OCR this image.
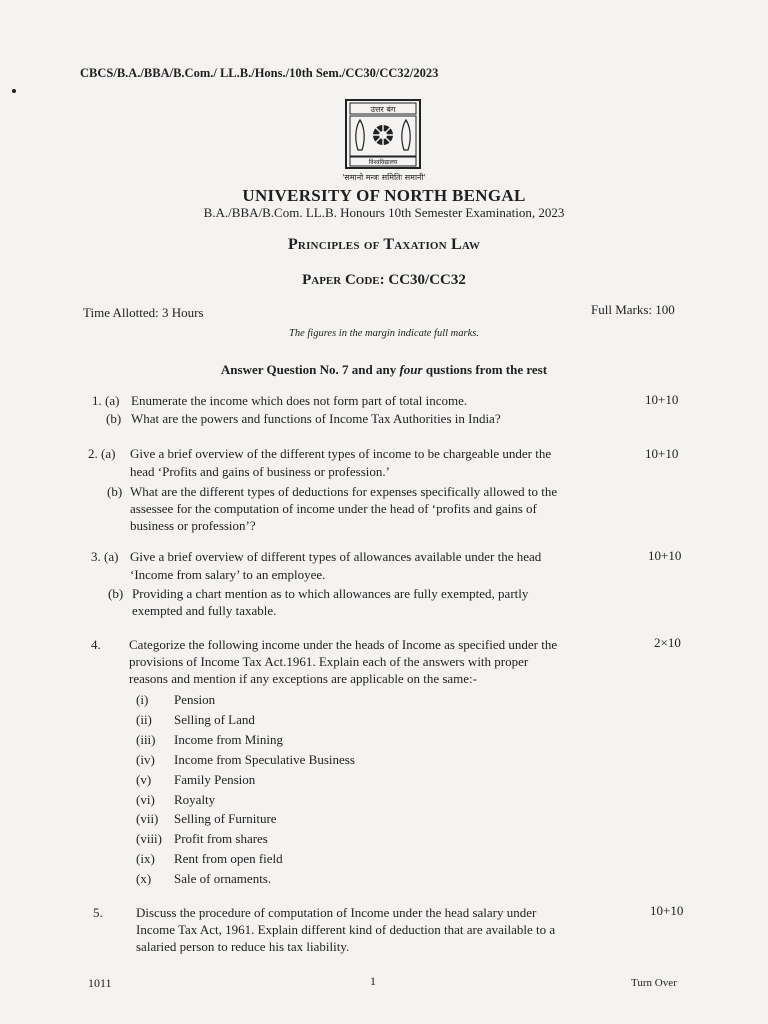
CBCS/B.A./BBA/B.Com./ LL.B./Hons./10th Sem./CC30/CC32/2023
उत्तर बंग
विश्वविद्यालय
'समानो मन्त्रः समितिः समानी'
UNIVERSITY OF NORTH BENGAL
B.A./BBA/B.Com. LL.B. Honours 10th Semester Examination, 2023
Principles of Taxation Law
Paper Code: CC30/CC32
Time Allotted: 3 Hours	Full Marks: 100
The figures in the margin indicate full marks.
Answer Question No. 7 and any four qustions from the rest
1. (a) Enumerate the income which does not form part of total income.
(b) What are the powers and functions of Income Tax Authorities in India?
10+10
2. (a) Give a brief overview of the different types of income to be chargeable under the
head ‘Profits and gains of business or profession.’
(b) What are the different types of deductions for expenses specifically allowed to the
assessee for the computation of income under the head of ‘profits and gains of
business or profession’?
10+10
3. (a) Give a brief overview of different types of allowances available under the head
‘Income from salary’ to an employee.
(b) Providing a chart mention as to which allowances are fully exempted, partly
exempted and fully taxable.
10+10
4. Categorize the following income under the heads of Income as specified under the
provisions of Income Tax Act.1961. Explain each of the answers with proper
reasons and mention if any exceptions are applicable on the same:-
2×10
(i)	Pension
(ii)	Selling of Land
(iii)	Income from Mining
(iv)	Income from Speculative Business
(v)	Family Pension
(vi)	Royalty
(vii)	Selling of Furniture
(viii) Profit from shares
(ix)	Rent from open field
(x)	Sale of ornaments.
5.	Discuss the procedure of computation of Income under the head salary under
Income Tax Act, 1961. Explain different kind of deduction that are available to a
salaried person to reduce his tax liability.
10+10
1011	1	Turn Over
